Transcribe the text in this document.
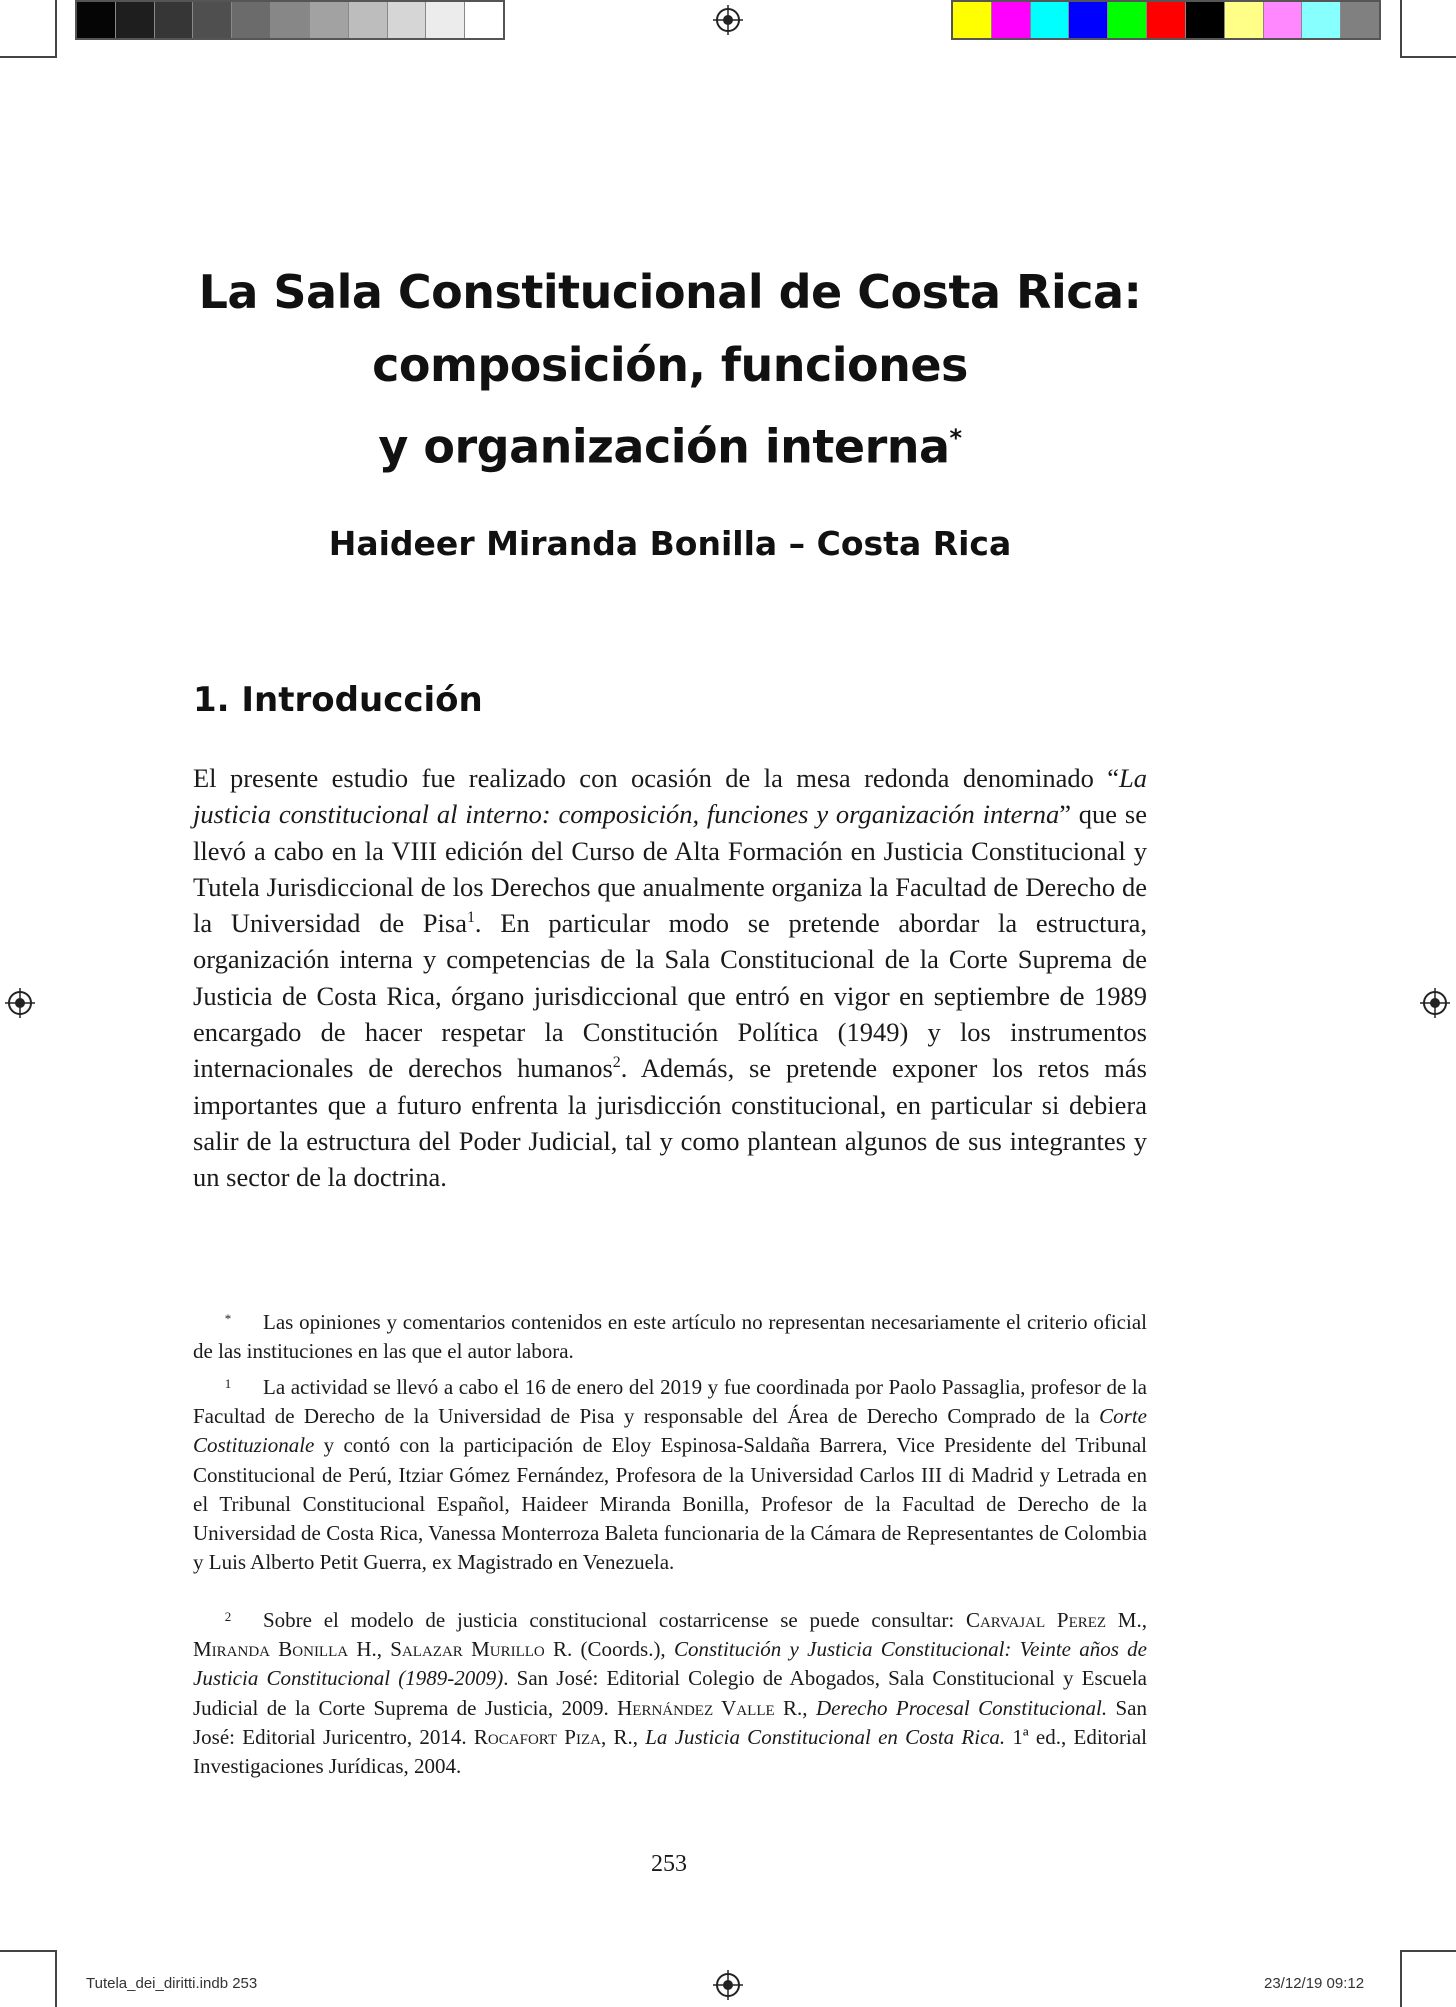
La Sala Constitucional de Costa Rica:
composición, funciones
y organización interna*

Haideer Miranda Bonilla – Costa Rica

1. Introducción

El presente estudio fue realizado con ocasión de la mesa redonda denominado “La justicia constitucional al interno: composición, funciones y organización interna” que se llevó a cabo en la VIII edición del Curso de Alta Formación en Justicia Constitucional y Tutela Jurisdiccional de los Derechos que anualmente organiza la Facultad de Derecho de la Universidad de Pisa$^1$. En particular modo se pretende abordar la estructura, organización interna y competencias de la Sala Constitucional de la Corte Suprema de Justicia de Costa Rica, órgano jurisdiccional que entró en vigor en septiembre de 1989 encargado de hacer respetar la Constitución Política (1949) y los instrumentos internacionales de derechos humanos$^2$. Además, se pretende exponer los retos más importantes que a futuro enfrenta la jurisdicción constitucional, en particular si debiera salir de la estructura del Poder Judicial, tal y como plantean algunos de sus integrantes y un sector de la doctrina.

* Las opiniones y comentarios contenidos en este artículo no representan necesariamente el criterio oficial de las instituciones en las que el autor labora.

1 La actividad se llevó a cabo el 16 de enero del 2019 y fue coordinada por Paolo Passaglia, profesor de la Facultad de Derecho de la Universidad de Pisa y responsable del Área de Derecho Comprado de la Corte Costituzionale y contó con la participación de Eloy Espinosa-Saldaña Barrera, Vice Presidente del Tribunal Constitucional de Perú, Itziar Gómez Fernández, Profesora de la Universidad Carlos III di Madrid y Letrada en el Tribunal Constitucional Español, Haideer Miranda Bonilla, Profesor de la Facultad de Derecho de la Universidad de Costa Rica, Vanessa Monterroza Baleta funcionaria de la Cámara de Representantes de Colombia y Luis Alberto Petit Guerra, ex Magistrado en Venezuela.

2 Sobre el modelo de justicia constitucional costarricense se puede consultar: Carvajal Perez M., Miranda Bonilla H., Salazar Murillo R. (Coords.), Constitución y Justicia Constitucional: Veinte años de Justicia Constitucional (1989-2009). San José: Editorial Colegio de Abogados, Sala Constitucional y Escuela Judicial de la Corte Suprema de Justicia, 2009. Hernández Valle R., Derecho Procesal Constitucional. San José: Editorial Juricentro, 2014. Rocafort Piza, R., La Justicia Constitucional en Costa Rica. 1ª ed., Editorial Investigaciones Jurídicas, 2004.

253

Tutela_dei_diritti.indb 253	23/12/19 09:12
